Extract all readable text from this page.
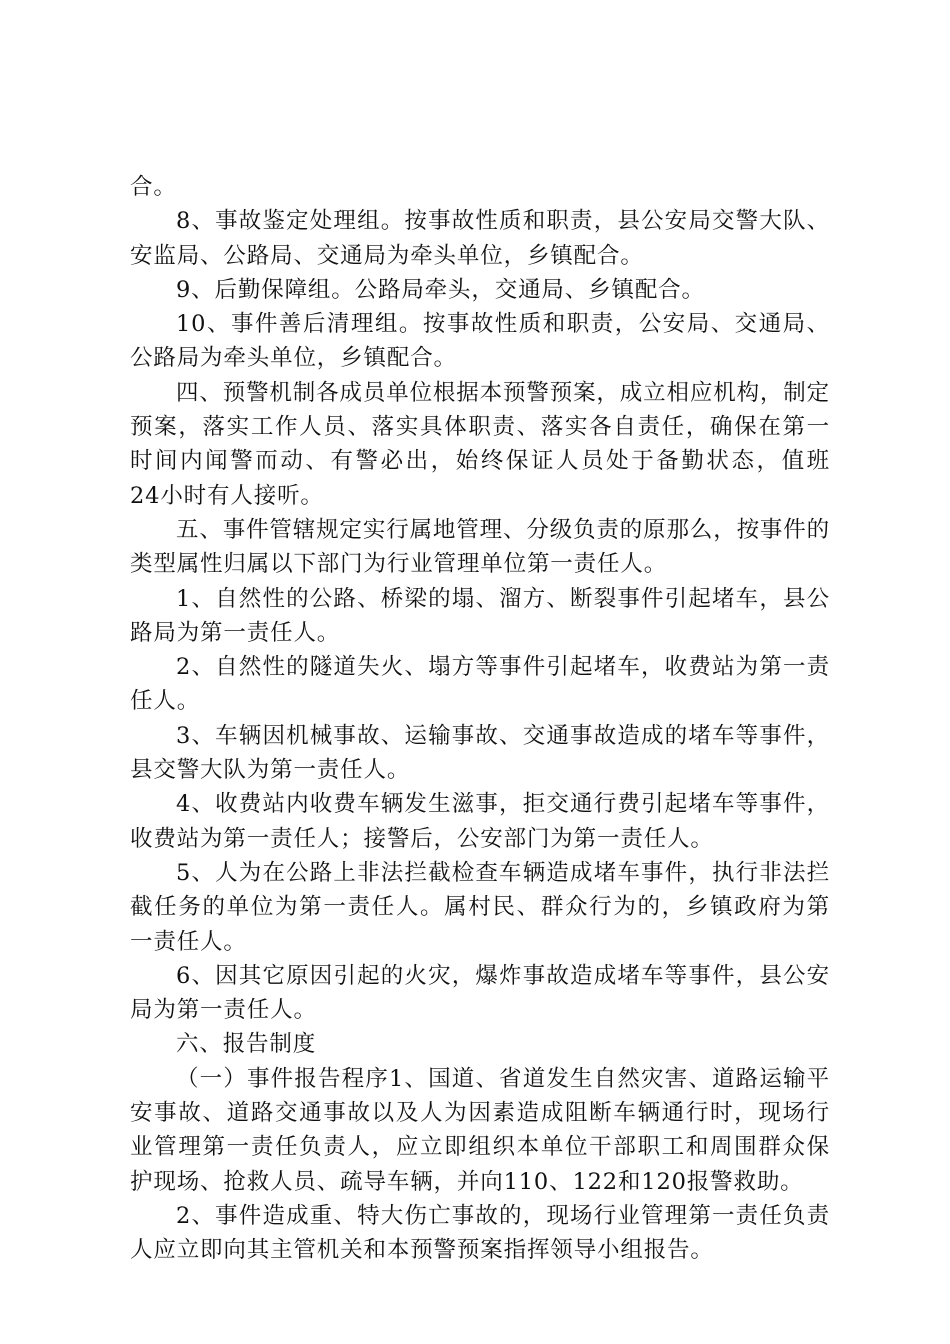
合。

8、事故鉴定处理组。按事故性质和职责，县公安局交警大队、安监局、公路局、交通局为牵头单位，乡镇配合。

9、后勤保障组。公路局牵头，交通局、乡镇配合。

10、事件善后清理组。按事故性质和职责，公安局、交通局、公路局为牵头单位，乡镇配合。

四、预警机制各成员单位根据本预警预案，成立相应机构，制定预案，落实工作人员、落实具体职责、落实各自责任，确保在第一时间内闻警而动、有警必出，始终保证人员处于备勤状态，值班　 24小时有人接听。

五、事件管辖规定实行属地管理、分级负责的原那么，按事件的类型属性归属以下部门为行业管理单位第一责任人。

1、自然性的公路、桥梁的塌、溜方、断裂事件引起堵车，县公路局为第一责任人。

2、自然性的隧道失火、塌方等事件引起堵车，收费站为第一责任人。

3、车辆因机械事故、运输事故、交通事故造成的堵车等事件，县交警大队为第一责任人。

4、收费站内收费车辆发生滋事，拒交通行费引起堵车等事件，收费站为第一责任人；接警后，公安部门为第一责任人。

5、人为在公路上非法拦截检查车辆造成堵车事件，执行非法拦截任务的单位为第一责任人。属村民、群众行为的，乡镇政府为第一责任人。

6、因其它原因引起的火灾，爆炸事故造成堵车等事件，县公安局为第一责任人。

六、报告制度

（一）事件报告程序1、国道、省道发生自然灾害、道路运输平安事故、道路交通事故以及人为因素造成阻断车辆通行时，现场行业管理第一责任负责人，应立即组织本单位干部职工和周围群众保护现场、抢救人员、疏导车辆，并向110、122和120报警救助。

2、事件造成重、特大伤亡事故的，现场行业管理第一责任负责人应立即向其主管机关和本预警预案指挥领导小组报告。
